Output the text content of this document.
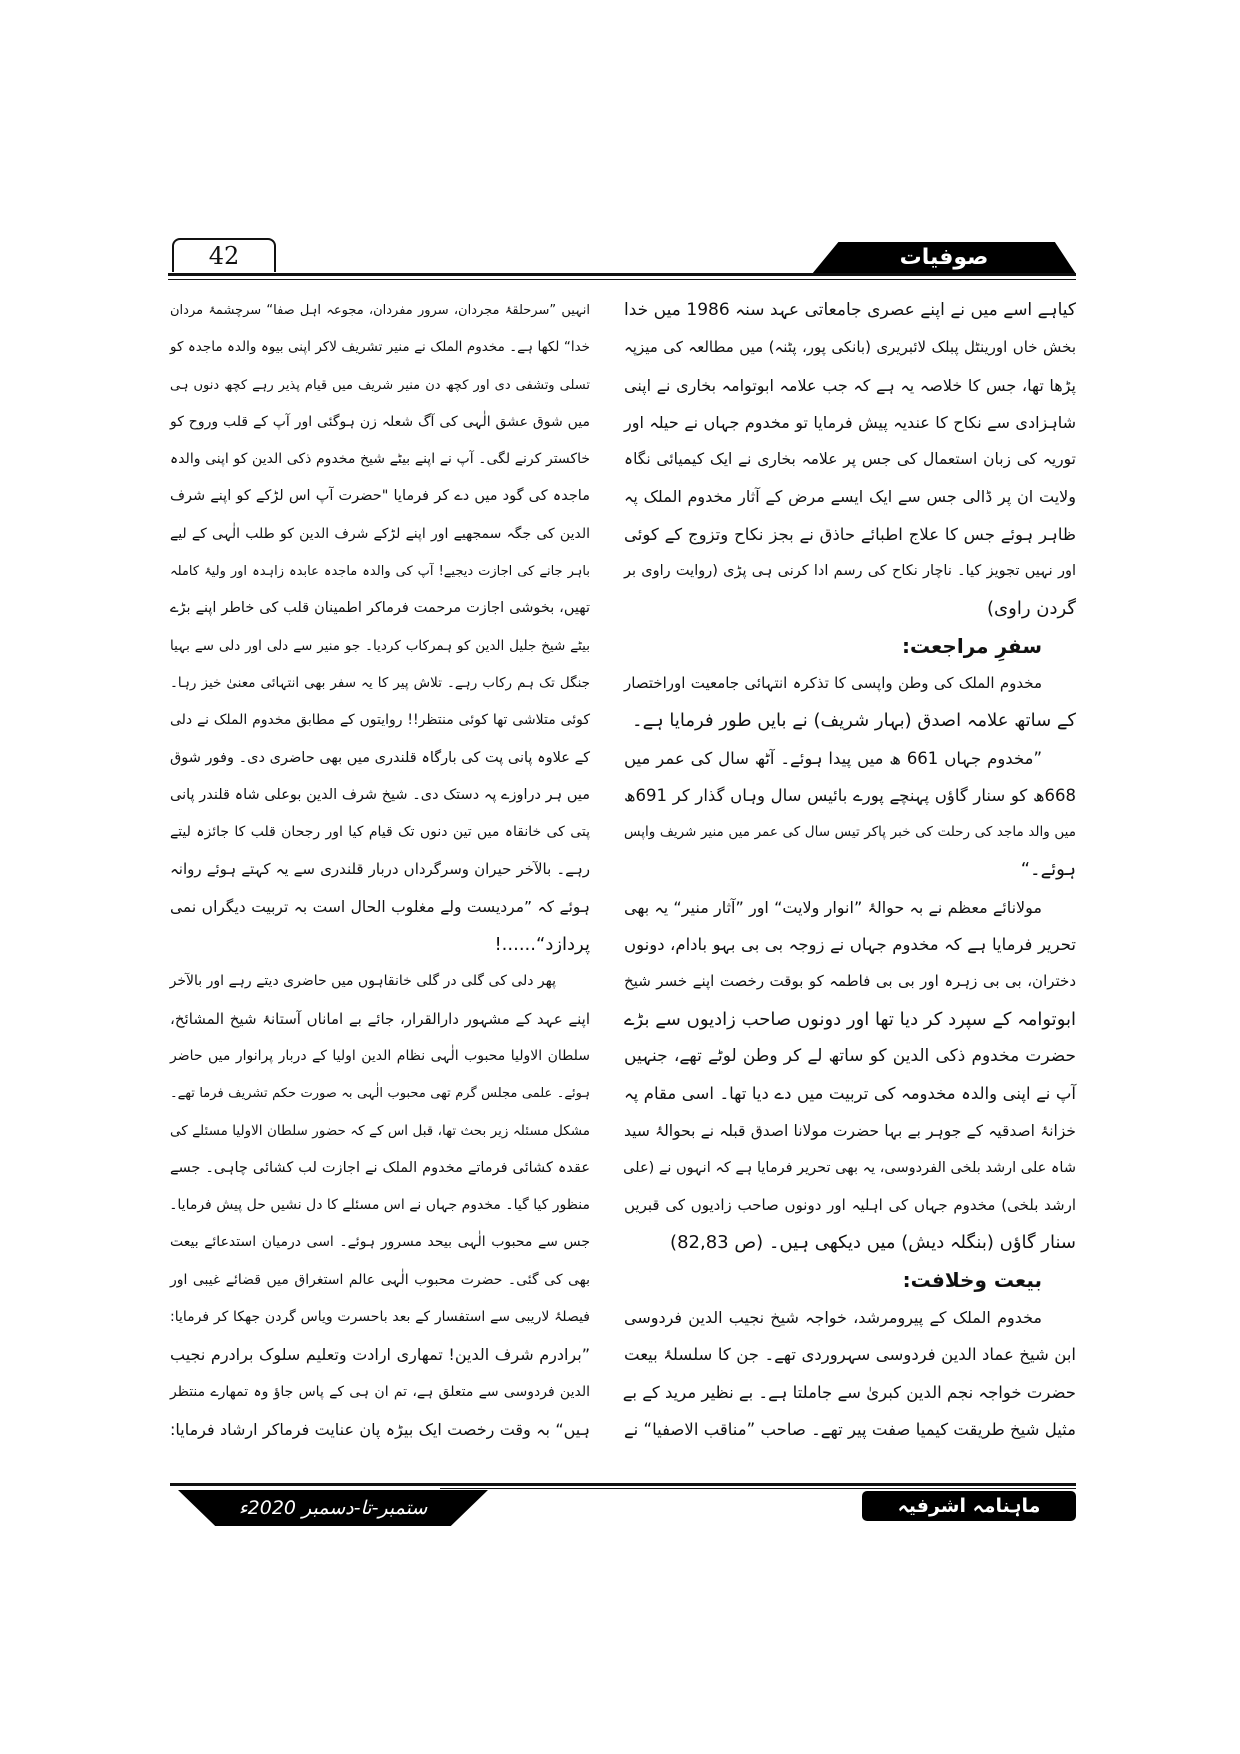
42	صوفیات
کیاہے اسے میں نے اپنے عصری جامعاتی عہد سنہ 1986 میں خدا
بخش خاں اورینٹل پبلک لائبریری (بانکی پور، پٹنہ) میں مطالعہ کی میزپہ
پڑھا تھا، جس کا خلاصہ یہ ہے کہ جب علامہ ابوتوامہ بخاری نے اپنی
شاہزادی سے نکاح کا عندیہ پیش فرمایا تو مخدوم جہاں نے حیلہ اور
توریہ کی زبان استعمال کی جس پر علامہ بخاری نے ایک کیمیائی نگاہ
ولایت ان پر ڈالی جس سے ایک ایسے مرض کے آثار مخدوم الملک پہ
ظاہر ہوئے جس کا علاج اطبائے حاذق نے بجز نکاح وتزوج کے کوئی
اور نہیں تجویز کیا۔ ناچار نکاح کی رسم ادا کرنی ہی پڑی (روایت راوی بر
گردن راوی)
سفرِ مراجعت:
مخدوم الملک کی وطن واپسی کا تذکرہ انتہائی جامعیت اوراختصار
کے ساتھ علامہ اصدق (بہار شریف) نے بایں طور فرمایا ہے۔
”مخدوم جہاں 661 ھ میں پیدا ہوئے۔ آٹھ سال کی عمر میں
668ھ کو سنار گاؤں پہنچے پورے بائیس سال وہاں گذار کر 691ھ
میں والد ماجد کی رحلت کی خبر پاکر تیس سال کی عمر میں منیر شریف واپس
ہوئے۔“
مولانائے معظم نے بہ حوالۂ ”انوار ولایت“ اور ”آثار منیر“ یہ بھی
تحریر فرمایا ہے کہ مخدوم جہاں نے زوجہ بی بی بہو بادام، دونوں
دختران، بی بی زہرہ اور بی بی فاطمہ کو بوقت رخصت اپنے خسر شیخ
ابوتوامہ کے سپرد کر دیا تھا اور دونوں صاحب زادیوں سے بڑے
حضرت مخدوم ذکی الدین کو ساتھ لے کر وطن لوٹے تھے، جنہیں
آپ نے اپنی والدہ مخدومہ کی تربیت میں دے دیا تھا۔ اسی مقام پہ
خزانۂ اصدقیہ کے جوہر بے بہا حضرت مولانا اصدق قبلہ نے بحوالۂ سید
شاہ علی ارشد بلخی الفردوسی، یہ بھی تحریر فرمایا ہے کہ انہوں نے (علی
ارشد بلخی) مخدوم جہاں کی اہلیہ اور دونوں صاحب زادیوں کی قبریں
سنار گاؤں (بنگلہ دیش) میں دیکھی ہیں۔ (ص 82,83)
بیعت وخلافت:
مخدوم الملک کے پیرومرشد، خواجہ شیخ نجیب الدین فردوسی
ابن شیخ عماد الدین فردوسی سہروردی تھے۔ جن کا سلسلۂ بیعت
حضرت خواجہ نجم الدین کبریٰ سے جاملتا ہے۔ بے نظیر مرید کے بے
مثیل شیخ طریقت کیمیا صفت پیر تھے۔ صاحب ”مناقب الاصفیا“ نے
انہیں ”سرحلقۂ مجردان، سرور مفردان، مجوعہ اہل صفا“ سرچشمۂ مردان
خدا“ لکھا ہے۔ مخدوم الملک نے منیر تشریف لاکر اپنی بیوہ والدہ ماجدہ کو
تسلی وتشفی دی اور کچھ دن منیر شریف میں قیام پذیر رہے کچھ دنوں ہی
میں شوق عشق الٰہی کی آگ شعلہ زن ہوگئی اور آپ کے قلب وروح کو
خاکستر کرنے لگی۔ آپ نے اپنے بیٹے شیخ مخدوم ذکی الدین کو اپنی والدہ
ماجدہ کی گود میں دے کر فرمایا "حضرت آپ اس لڑکے کو اپنے شرف
الدین کی جگہ سمجھیے اور اپنے لڑکے شرف الدین کو طلب الٰہی کے لیے
باہر جانے کی اجازت دیجیے! آپ کی والدہ ماجدہ عابدہ زاہدہ اور ولیۂ کاملہ
تھیں، بخوشی اجازت مرحمت فرماکر اطمینان قلب کی خاطر اپنے بڑے
بیٹے شیخ جلیل الدین کو ہمرکاب کردیا۔ جو منیر سے دلی اور دلی سے بہیا
جنگل تک ہم رکاب رہے۔ تلاش پیر کا یہ سفر بھی انتہائی معنیٰ خیز رہا۔
کوئی متلاشی تھا کوئی منتظر!! روایتوں کے مطابق مخدوم الملک نے دلی
کے علاوہ پانی پت کی بارگاہ قلندری میں بھی حاضری دی۔ وفور شوق
میں ہر دراوزے پہ دستک دی۔ شیخ شرف الدین بوعلی شاہ قلندر پانی
پتی کی خانقاہ میں تین دنوں تک قیام کیا اور رجحان قلب کا جائزہ لیتے
رہے۔ بالآخر حیران وسرگرداں دربار قلندری سے یہ کہتے ہوئے روانہ
ہوئے کہ ”مردیست ولے مغلوب الحال است بہ تربیت دیگراں نمی
پردازد“......!
پھر دلی کی گلی در گلی خانقاہوں میں حاضری دیتے رہے اور بالآخر
اپنے عہد کے مشہور دارالقرار، جائے بے اماناں آستانۂ شیخ المشائخ،
سلطان الاولیا محبوب الٰہی نظام الدین اولیا کے دربار پرانوار میں حاضر
ہوئے۔ علمی مجلس گرم تھی محبوب الٰہی بہ صورت حکم تشریف فرما تھے۔
مشکل مسئلہ زیر بحث تھا، قبل اس کے کہ حضور سلطان الاولیا مسئلے کی
عقدہ کشائی فرماتے مخدوم الملک نے اجازت لب کشائی چاہی۔ جسے
منظور کیا گیا۔ مخدوم جہاں نے اس مسئلے کا دل نشیں حل پیش فرمایا۔
جس سے محبوب الٰہی بیحد مسرور ہوئے۔ اسی درمیان استدعائے بیعت
بھی کی گئی۔ حضرت محبوب الٰہی عالم استغراق میں قضائے غیبی اور
فیصلۂ لاریبی سے استفسار کے بعد باحسرت ویاس گردن جھکا کر فرمایا:
”برادرم شرف الدین! تمھاری ارادت وتعلیم سلوک برادرم نجیب
الدین فردوسی سے متعلق ہے، تم ان ہی کے پاس جاؤ وہ تمھارے منتظر
ہیں“ بہ وقت رخصت ایک بیڑہ پان عنایت فرماکر ارشاد فرمایا:
ستمبر-تا-دسمبر 2020ء	ماہنامہ اشرفیہ
